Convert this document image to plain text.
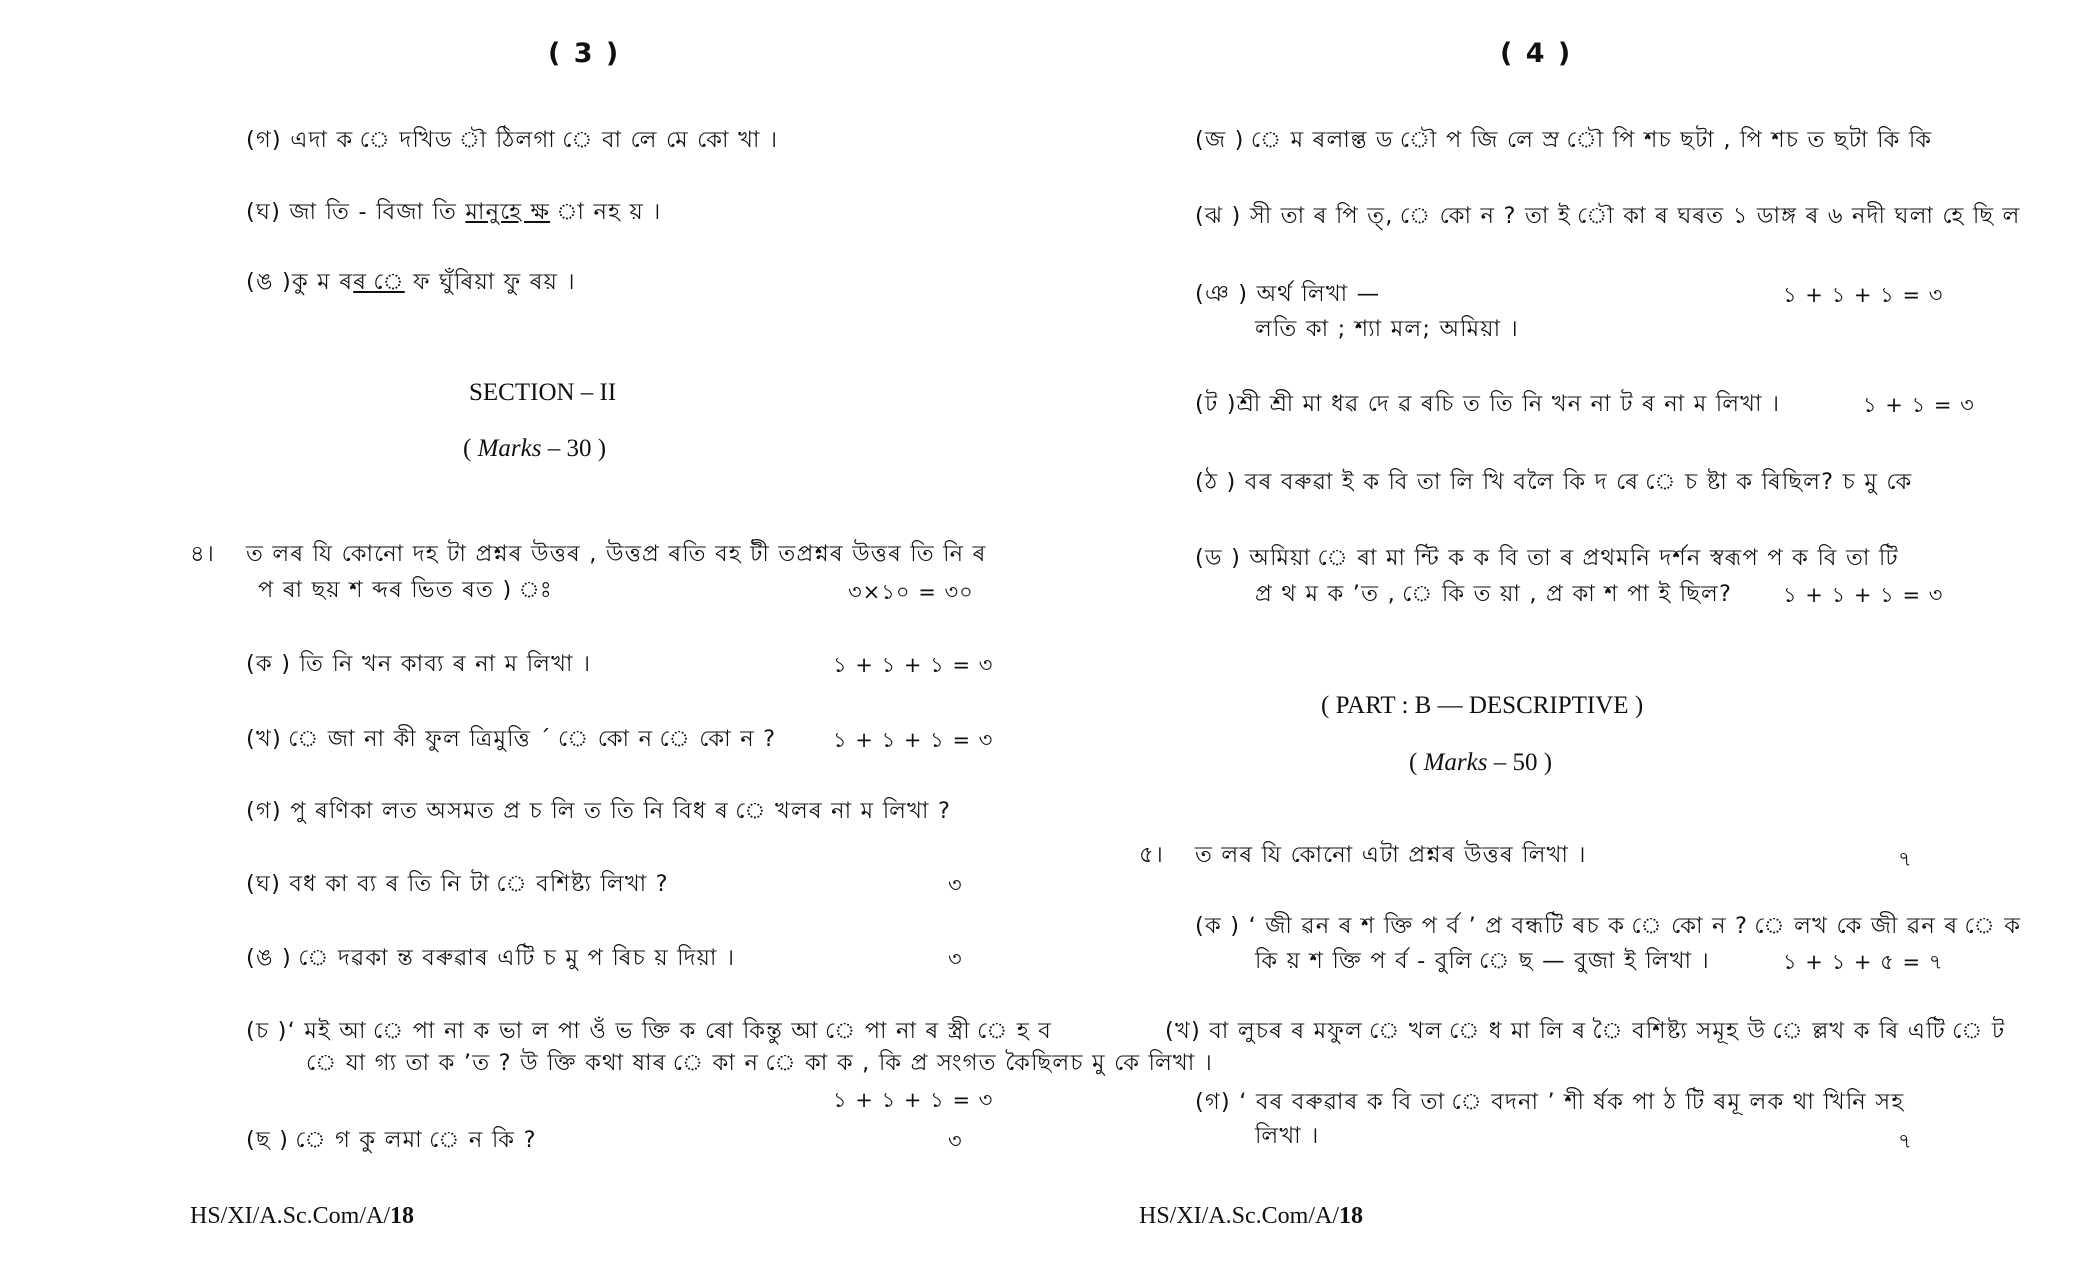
( 3 )
(গ) এদা ক ে দখিড ৗ ঠিলগা ে বা লে মে কো খা ।
(ঘ) জা তি - বিজা তি মানুহে ক্ষ া নহ য় ।
(ঙ )কু ম ৰৰ ে ফ ঘুঁৰিয়া ফু ৰয় ।
SECTION – II
( Marks – 30 )
৪। ত লৰ যি কোনো দহ টা প্ৰশ্নৰ উত্তৰ , উত্তপ্ৰ ৰতি বহ টী তপ্ৰশ্নৰ উত্তৰ তি নি ৰ
প ৰা ছয় শ ব্দৰ ভিত ৰত ) ঃ	৩×১০ = ৩০
(ক ) তি নি খন কাব্য ৰ না ম লিখা ।	১ + ১ + ১ = ৩
(খ) ে জা না কী ফুল ত্ৰিমুত্তি ´ ে কো ন ে কো ন ?	১ + ১ + ১ = ৩
(গ) পু ৰণিকা লত অসমত প্ৰ চ লি ত তি নি বিধ ৰ ে খলৰ না ম লিখা ?
(ঘ) বধ কা ব্য ৰ তি নি টা ে বশিষ্ট্য লিখা ?	৩
(ঙ ) ে দৱকা ন্ত বৰুৱাৰ এটি চ মু প ৰিচ য় দিয়া ।	৩
(চ )‘ মই আ ে পা না ক ভা ল পা ওঁ ভ ক্তি ক ৰো কিন্তু আ ে পা না ৰ স্ত্ৰী ে হ ব
ে যা গ্য তা ক ’ত ? উ ক্তি কথা ষাৰ ে কা ন ে কা ক , কি প্ৰ সংগত কৈছিলচ মু কে লিখা ।
১ + ১ + ১ = ৩
(ছ ) ে গ কু লমা ে ন কি ?	৩
HS/XI/A.Sc.Com/A/18
( 4 )
(জ ) ে ম ৰলাল্ত ড ৌ প জি লে স্ৰ ৌ পি শচ ছটা , পি শচ ত ছটা কি কি
(ঝ ) সী তা ৰ পি ত্, ে কো ন ? তা ই ৌ কা ৰ ঘৰত ১ ডাঙ্গ ৰ ৬ নদী ঘলা হে ছি ল
(ঞ ) অর্থ লিখা —	১ + ১ + ১ = ৩
লতি কা ; শ্যা মল; অমিয়া ।
(ট )শ্ৰী শ্ৰী মা ধৱ দে ৱ ৰচি ত তি নি খন না ট ৰ না ম লিখা ।	১ + ১ = ৩
(ঠ ) বৰ বৰুৱা ই ক বি তা লি খি বলৈ কি দ ৰে ে চ ষ্টা ক ৰিছিল? চ মু কে
(ড ) অমিয়া ে ৰা মা ন্টি ক ক বি তা ৰ প্ৰথমনি দৰ্শন স্বৰূপ প ক বি তা টি
প্ৰ থ ম ক ’ত , ে কি ত য়া , প্ৰ কা শ পা ই ছিল? ১ + ১ + ১ = ৩
( PART : B — DESCRIPTIVE )
( Marks – 50 )
৫। ত লৰ যি কোনো এটা প্ৰশ্নৰ উত্তৰ লিখা ।	৭
(ক ) ‘ জী ৱন ৰ শ ক্তি প ৰ্ব ’ প্ৰ বন্ধটি ৰচ ক ে কো ন ? ে লখ কে জী ৱন ৰ ে ক
কি য় শ ক্তি প ৰ্ব - বুলি ে ছ — বুজা ই লিখা ।	১ + ১ + ৫ = ৭
(খ) বা লুচৰ ৰ মফুল ে খল ে ধ মা লি ৰ ৈ বশিষ্ট্য সমূহ উ ে ল্লখ ক ৰি এটি ে ট
(গ) ‘ বৰ বৰুৱাৰ ক বি তা ে বদনা ’ শী ৰ্ষক পা ঠ টি ৰমূ লক থা খিনি সহ
লিখা ।	৭
HS/XI/A.Sc.Com/A/18
